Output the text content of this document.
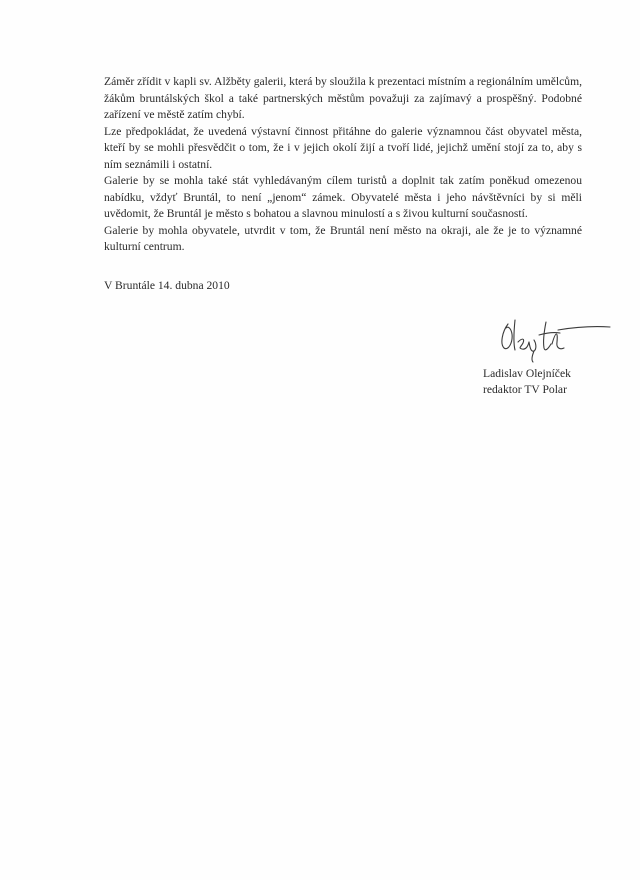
Záměr zřídit v kapli sv. Alžběty galerii, která by sloužila k prezentaci místním a regionálním umělcům, žákům bruntálských škol a také partnerských městům považuji za zajímavý a prospěšný. Podobné zařízení ve městě zatím chybí.

Lze předpokládat, že uvedená výstavní činnost přitáhne do galerie významnou část obyvatel města, kteří by se mohli přesvědčit o tom, že i v jejich okolí žijí a tvoří lidé, jejichž umění stojí za to, aby s ním seznámili i ostatní.

Galerie by se mohla také stát vyhledávaným cílem turistů a doplnit tak zatím poněkud omezenou nabídku, vždyť Bruntál, to není „jenom“ zámek. Obyvatelé města i jeho návštěvníci by si měli uvědomit, že Bruntál je město s bohatou a slavnou minulostí a s živou kulturní současností.

Galerie by mohla obyvatele, utvrdit v tom, že Bruntál není město na okraji, ale že je to významné kulturní centrum.

V Bruntále 14. dubna 2010
Ladislav Olejníček
redaktor TV Polar
